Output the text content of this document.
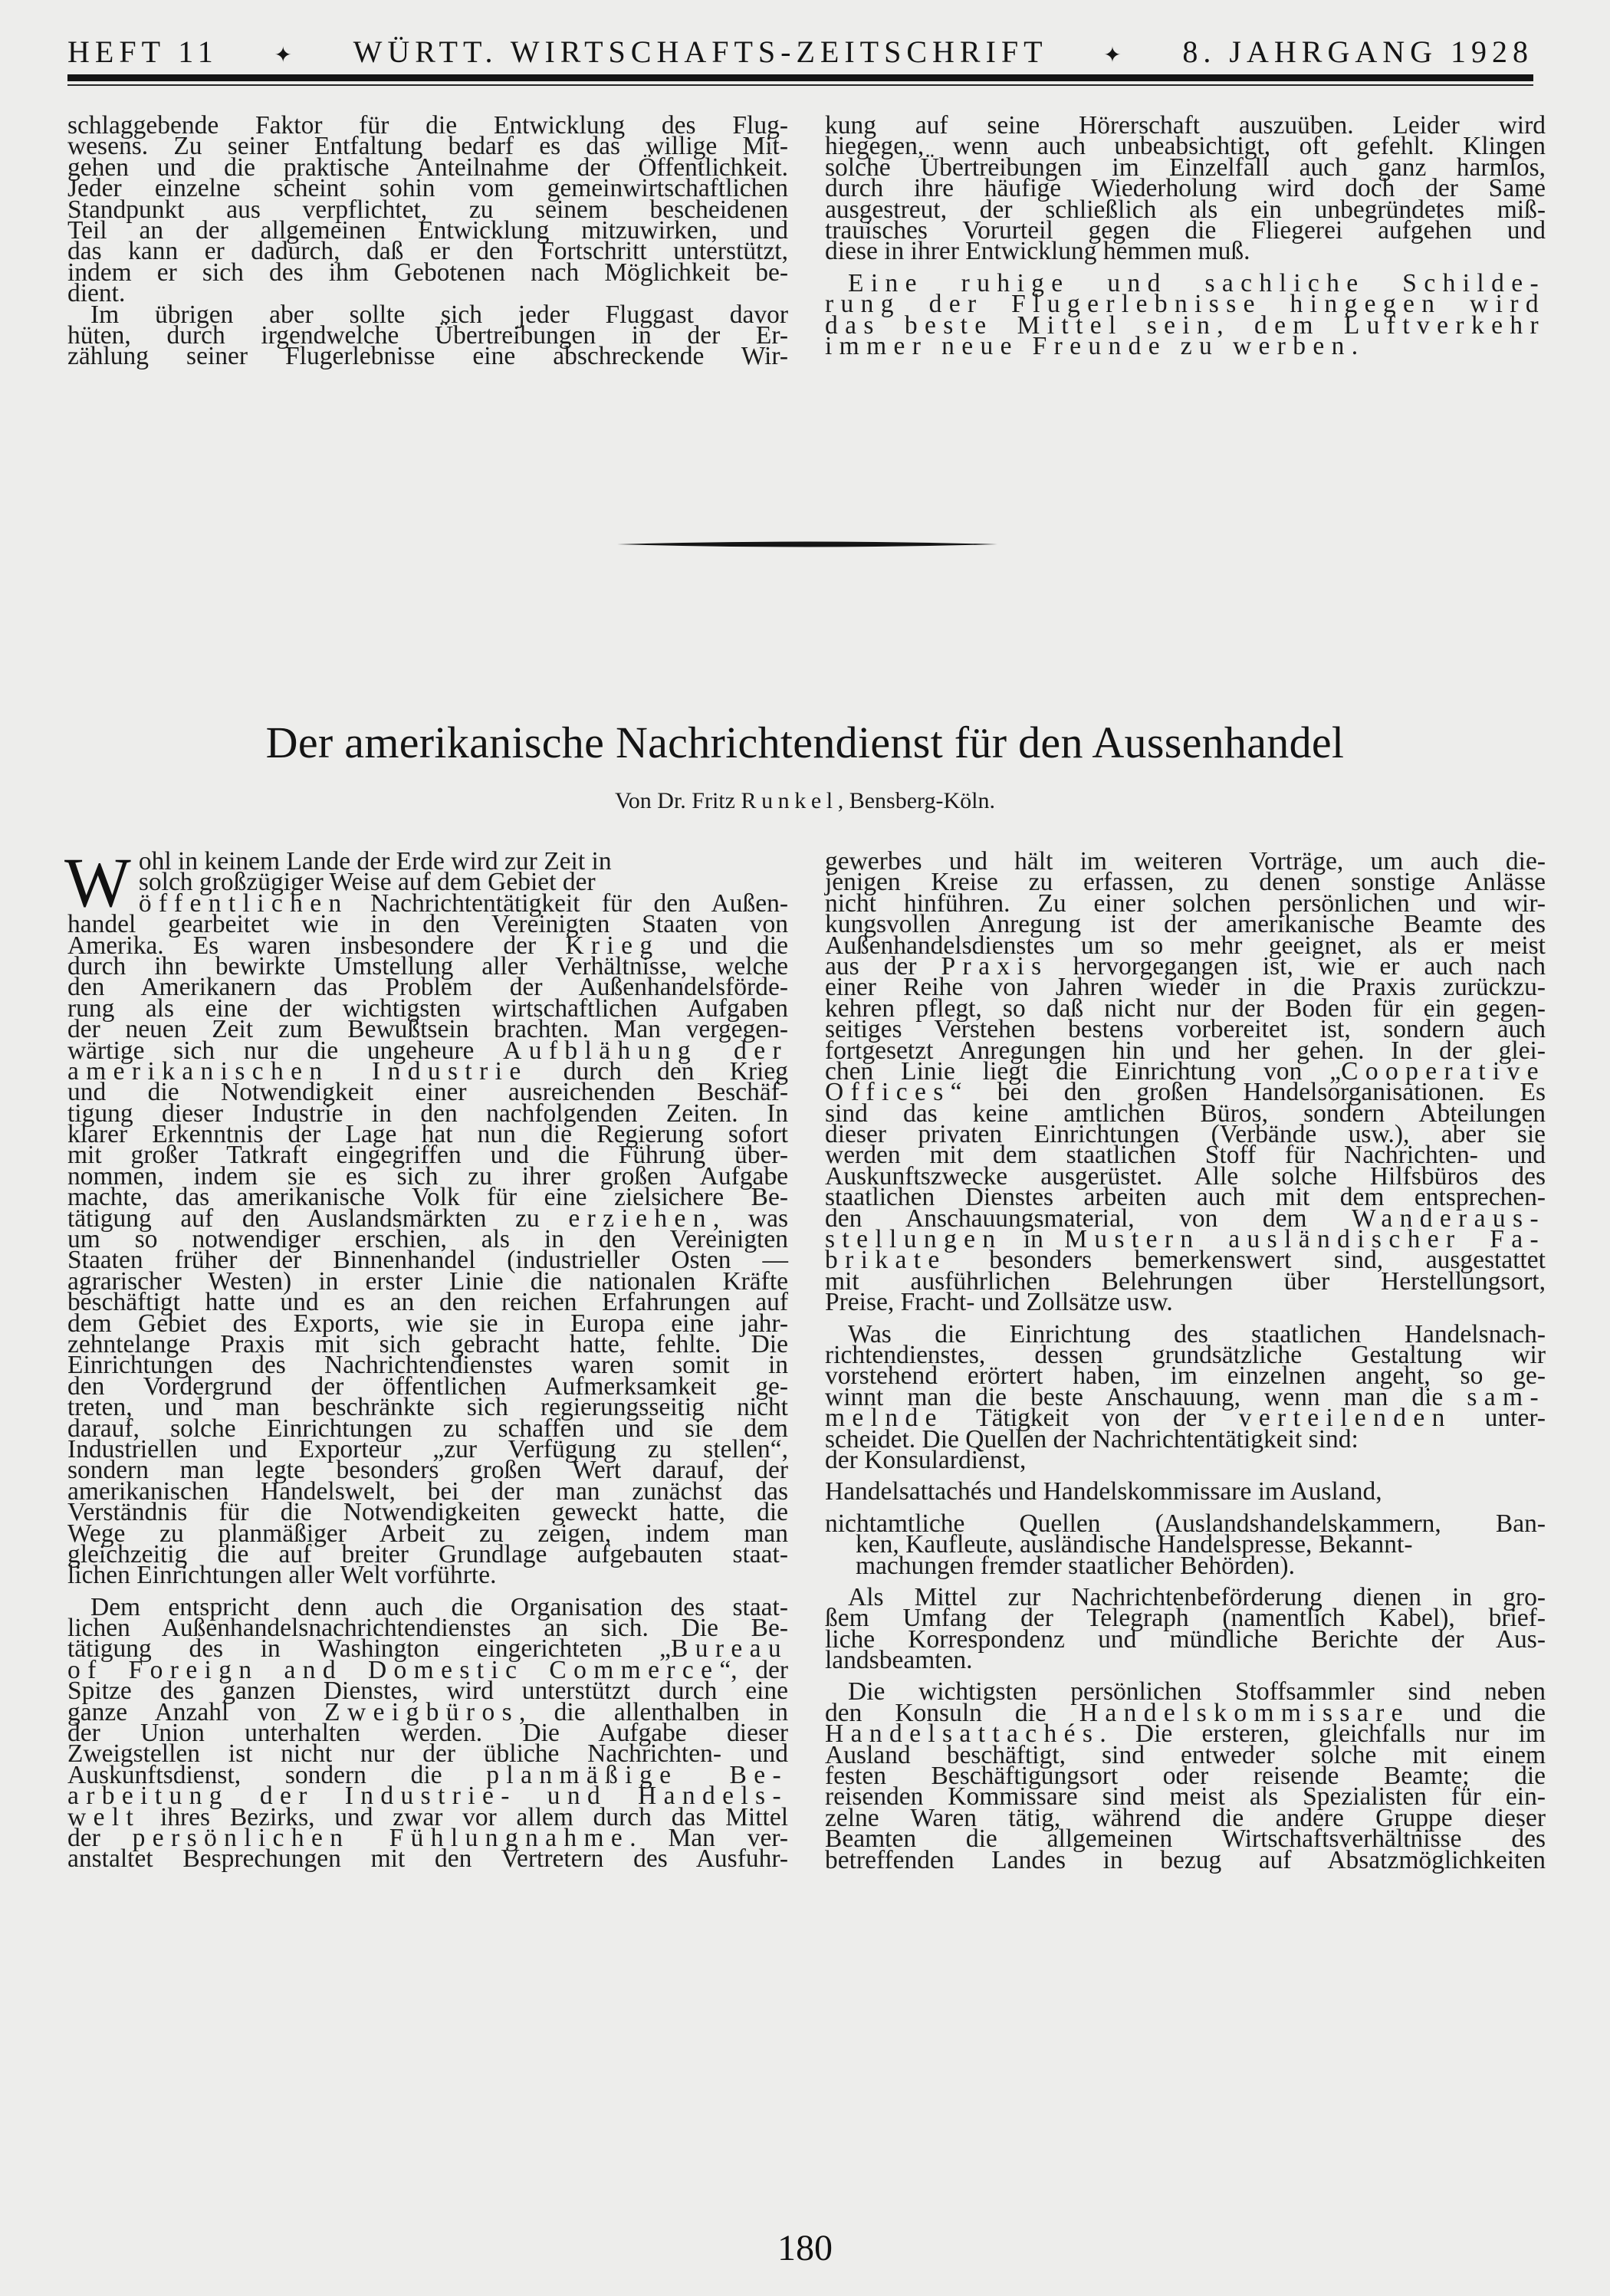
HEFT 11	✦ WÜRTT. WIRTSCHAFTS-ZEITSCHRIFT	✦ 8. JAHRGANG 1928
schlaggebende Faktor für die Entwicklung des Flug-
wesens. Zu seiner Entfaltung bedarf es das willige Mit-
gehen und die praktische Anteilnahme der Öffentlichkeit.
Jeder einzelne scheint sohin vom gemeinwirtschaftlichen
Standpunkt aus verpflichtet, zu seinem bescheidenen
Teil an der allgemeinen Entwicklung mitzuwirken, und
das kann er dadurch, daß er den Fortschritt unterstützt,
indem er sich des ihm Gebotenen nach Möglichkeit be-
dient.
Im übrigen aber sollte sich jeder Fluggast davor
hüten, durch irgendwelche Übertreibungen in der Er-
zählung seiner Flugerlebnisse eine abschreckende Wir-
kung auf seine Hörerschaft auszuüben. Leider wird
hiegegen, wenn auch unbeabsichtigt, oft gefehlt. Klingen
solche Übertreibungen im Einzelfall auch ganz harmlos,
durch ihre häufige Wiederholung wird doch der Same
ausgestreut, der schließlich als ein unbegründetes miß-
trauisches Vorurteil gegen die Fliegerei aufgehen und
diese in ihrer Entwicklung hemmen muß.
Eine ruhige und sachliche Schilde-
rung der Flugerlebnisse hingegen wird
das beste Mittel sein, dem Luftverkehr
immer neue Freunde zu werben.
Der amerikanische Nachrichtendienst für den Aussenhandel
Von Dr. Fritz Runkel, Bensberg-Köln.
W ohl in keinem Lande der Erde wird zur Zeit in
solch großzügiger Weise auf dem Gebiet der
öffentlichen Nachrichtentätigkeit für den Außen-
handel gearbeitet wie in den Vereinigten Staaten von
Amerika. Es waren insbesondere der Krieg und die
durch ihn bewirkte Umstellung aller Verhältnisse, welche
den Amerikanern das Problem der Außenhandelsförde-
rung als eine der wichtigsten wirtschaftlichen Aufgaben
der neuen Zeit zum Bewußtsein brachten. Man vergegen-
wärtige sich nur die ungeheure Aufblähung der
amerikanischen Industrie durch den Krieg
und die Notwendigkeit einer ausreichenden Beschäf-
tigung dieser Industrie in den nachfolgenden Zeiten. In
klarer Erkenntnis der Lage hat nun die Regierung sofort
mit großer Tatkraft eingegriffen und die Führung über-
nommen, indem sie es sich zu ihrer großen Aufgabe
machte, das amerikanische Volk für eine zielsichere Be-
tätigung auf den Auslandsmärkten zu erziehen, was
um so notwendiger erschien, als in den Vereinigten
Staaten früher der Binnenhandel (industrieller Osten —
agrarischer Westen) in erster Linie die nationalen Kräfte
beschäftigt hatte und es an den reichen Erfahrungen auf
dem Gebiet des Exports, wie sie in Europa eine jahr-
zehntelange Praxis mit sich gebracht hatte, fehlte. Die
Einrichtungen des Nachrichtendienstes waren somit in
den Vordergrund der öffentlichen Aufmerksamkeit ge-
treten, und man beschränkte sich regierungsseitig nicht
darauf, solche Einrichtungen zu schaffen und sie dem
Industriellen und Exporteur „zur Verfügung zu stellen“,
sondern man legte besonders großen Wert darauf, der
amerikanischen Handelswelt, bei der man zunächst das
Verständnis für die Notwendigkeiten geweckt hatte, die
Wege zu planmäßiger Arbeit zu zeigen, indem man
gleichzeitig die auf breiter Grundlage aufgebauten staat-
lichen Einrichtungen aller Welt vorführte.
Dem entspricht denn auch die Organisation des staat-
lichen Außenhandelsnachrichtendienstes an sich. Die Be-
tätigung des in Washington eingerichteten „Bureau
of Foreign and Domestic Commerce“, der
Spitze des ganzen Dienstes, wird unterstützt durch eine
ganze Anzahl von Zweigbüros, die allenthalben in
der Union unterhalten werden. Die Aufgabe dieser
Zweigstellen ist nicht nur der übliche Nachrichten- und
Auskunftsdienst, sondern die planmäßige Be-
arbeitung der Industrie- und Handels-
welt ihres Bezirks, und zwar vor allem durch das Mittel
der persönlichen Fühlungnahme. Man ver-
anstaltet Besprechungen mit den Vertretern des Ausfuhr-
gewerbes und hält im weiteren Vorträge, um auch die-
jenigen Kreise zu erfassen, zu denen sonstige Anlässe
nicht hinführen. Zu einer solchen persönlichen und wir-
kungsvollen Anregung ist der amerikanische Beamte des
Außenhandelsdienstes um so mehr geeignet, als er meist
aus der Praxis hervorgegangen ist, wie er auch nach
einer Reihe von Jahren wieder in die Praxis zurückzu-
kehren pflegt, so daß nicht nur der Boden für ein gegen-
seitiges Verstehen bestens vorbereitet ist, sondern auch
fortgesetzt Anregungen hin und her gehen. In der glei-
chen Linie liegt die Einrichtung von „Cooperative
Offices“ bei den großen Handelsorganisationen. Es
sind das keine amtlichen Büros, sondern Abteilungen
dieser privaten Einrichtungen (Verbände usw.), aber sie
werden mit dem staatlichen Stoff für Nachrichten- und
Auskunftszwecke ausgerüstet. Alle solche Hilfsbüros des
staatlichen Dienstes arbeiten auch mit dem entsprechen-
den Anschauungsmaterial, von dem Wanderaus-
stellungen in Mustern ausländischer Fa-
brikate besonders bemerkenswert sind, ausgestattet
mit ausführlichen Belehrungen über Herstellungsort,
Preise, Fracht- und Zollsätze usw.
Was die Einrichtung des staatlichen Handelsnach-
richtendienstes, dessen grundsätzliche Gestaltung wir
vorstehend erörtert haben, im einzelnen angeht, so ge-
winnt man die beste Anschauung, wenn man die sam-
melnde Tätigkeit von der verteilenden unter-
scheidet. Die Quellen der Nachrichtentätigkeit sind:
der Konsulardienst,
Handelsattachés und Handelskommissare im Ausland,
nichtamtliche Quellen (Auslandshandelskammern, Ban-
ken, Kaufleute, ausländische Handelspresse, Bekannt-
machungen fremder staatlicher Behörden).
Als Mittel zur Nachrichtenbeförderung dienen in gro-
ßem Umfang der Telegraph (namentlich Kabel), brief-
liche Korrespondenz und mündliche Berichte der Aus-
landsbeamten.
Die wichtigsten persönlichen Stoffsammler sind neben
den Konsuln die Handelskommissare und die
Handelsattachés. Die ersteren, gleichfalls nur im
Ausland beschäftigt, sind entweder solche mit einem
festen Beschäftigungsort oder reisende Beamte; die
reisenden Kommissare sind meist als Spezialisten für ein-
zelne Waren tätig, während die andere Gruppe dieser
Beamten die allgemeinen Wirtschaftsverhältnisse des
betreffenden Landes in bezug auf Absatzmöglichkeiten
180
